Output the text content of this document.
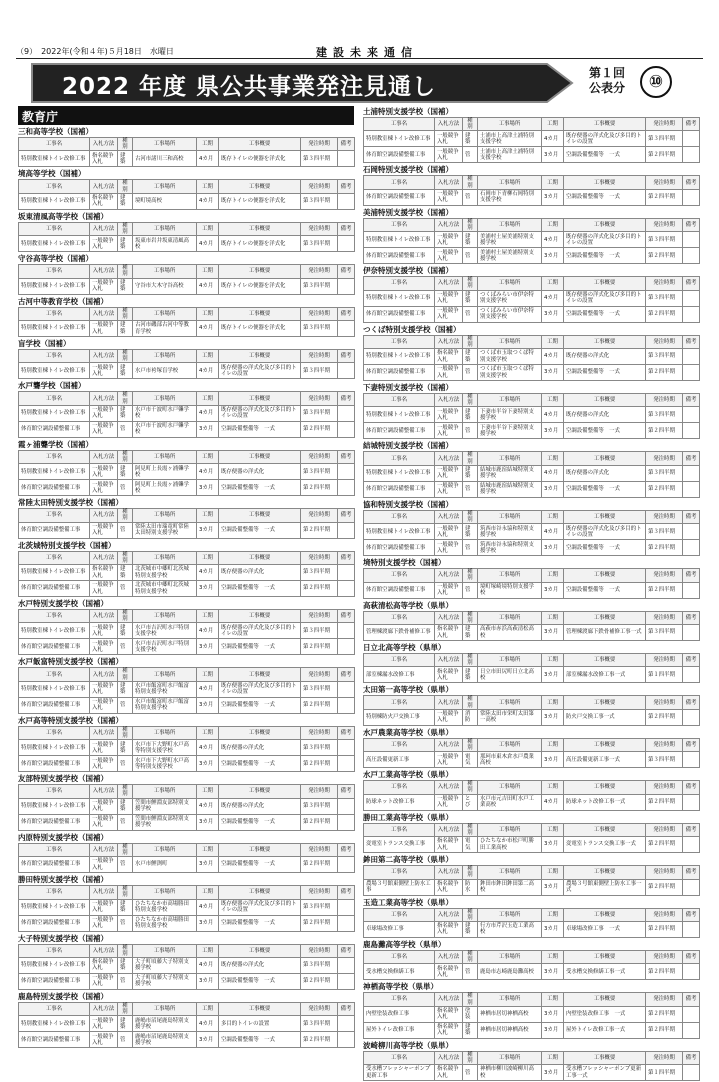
（9）　2022年(令和４年)５月18日　水曜日	建設未来通信
2022 年度 県公共事業発注見通し
第１回
公表分	⑩
教育庁
三和高等学校（国補）
工事名	入札方法	種別	工事場所	工期	工事概要	発注時期	備考
特別教室棟トイレ改修工事	指名競争入札	建築	古河市諸川三和高校	4カ月	既存トイレの便器を洋式化	第３四半期	
境高等学校（国補）
工事名	入札方法	種別	工事場所	工期	工事概要	発注時期	備考
特別教室棟トイレ改修工事	指名競争入札	建築	境町境高校	4カ月	既存トイレの便器を洋式化	第３四半期	
坂東清風高等学校（国補）
工事名	入札方法	種別	工事場所	工期	工事概要	発注時期	備考
特別教室棟トイレ改修工事	一般競争入札	建築	坂東市岩井坂東清風高校	4カ月	既存トイレの便器を洋式化	第３四半期	
守谷高等学校（国補）
工事名	入札方法	種別	工事場所	工期	工事概要	発注時期	備考
特別教室棟トイレ改修工事	一般競争入札	建築	守谷市大木守谷高校	4カ月	既存トイレの便器を洋式化	第３四半期	
古河中等教育学校（国補）
工事名	入札方法	種別	工事場所	工期	工事概要	発注時期	備考
特別教室棟トイレ改修工事	一般競争入札	建築	古河市磯部古河中等教育学校	4カ月	既存トイレの便器を洋式化	第３四半期	
盲学校（国補）
工事名	入札方法	種別	工事場所	工期	工事概要	発注時期	備考
特別教室棟トイレ改修工事	一般競争入札	建築	水戸市袴塚盲学校	4カ月	既存便器の洋式化及び多目的トイレの設置	第３四半期	
水戸聾学校（国補）
工事名	入札方法	種別	工事場所	工期	工事概要	発注時期	備考
特別教室棟トイレ改修工事	一般競争入札	建築	水戸市千波町水戸聾学校	4カ月	既存便器の洋式化及び多目的トイレの設置	第３四半期	
体育館空調設備整備工事	一般競争入札	管	水戸市千波町水戸聾学校	3カ月	空調設備整備等　一式	第２四半期	
霞ヶ浦聾学校（国補）
工事名	入札方法	種別	工事場所	工期	工事概要	発注時期	備考
特別教室棟トイレ改修工事	一般競争入札	建築	阿見町上長霞ヶ浦聾学校	4カ月	既存便器の洋式化	第３四半期	
体育館空調設備整備工事	一般競争入札	管	阿見町上長霞ヶ浦聾学校	3カ月	空調設備整備等　一式	第２四半期	
常陸太田特別支援学校（国補）
工事名	入札方法	種別	工事場所	工期	工事概要	発注時期	備考
体育館空調設備整備工事	一般競争入札	管	常陸太田市瑞竜町常陸太田特別支援学校	3カ月	空調設備整備等　一式	第２四半期	
北茨城特別支援学校（国補）
工事名	入札方法	種別	工事場所	工期	工事概要	発注時期	備考
特別教室棟トイレ改修工事	指名競争入札	建築	北茨城市中郷町北茨城特別支援学校	4カ月	既存便器の洋式化	第３四半期	
体育館空調設備整備工事	一般競争入札	管	北茨城市中郷町北茨城特別支援学校	3カ月	空調設備整備等　一式	第２四半期	
水戸特別支援学校（国補）
工事名	入札方法	種別	工事場所	工期	工事概要	発注時期	備考
特別教室棟トイレ改修工事	一般競争入札	建築	水戸市吉沢町水戸特別支援学校	4カ月	既存便器の洋式化及び多目的トイレの設置	第３四半期	
体育館空調設備整備工事	一般競争入札	管	水戸市吉沢町水戸特別支援学校	3カ月	空調設備整備等　一式	第２四半期	
水戸飯富特別支援学校（国補）
工事名	入札方法	種別	工事場所	工期	工事概要	発注時期	備考
特別教室棟トイレ改修工事	一般競争入札	建築	水戸市飯富町水戸飯富特別支援学校	4カ月	既存便器の洋式化及び多目的トイレの設置	第３四半期	
体育館空調設備整備工事	一般競争入札	管	水戸市飯富町水戸飯富特別支援学校	3カ月	空調設備整備等　一式	第２四半期	
水戸高等特別支援学校（国補）
工事名	入札方法	種別	工事場所	工期	工事概要	発注時期	備考
特別教室棟トイレ改修工事	一般競争入札	建築	水戸市下大野町水戸高等特別支援学校	4カ月	既存便器の洋式化	第３四半期	
体育館空調設備整備工事	一般競争入札	管	水戸市下大野町水戸高等特別支援学校	3カ月	空調設備整備等　一式	第２四半期	
友部特別支援学校（国補）
工事名	入札方法	種別	工事場所	工期	工事概要	発注時期	備考
特別教室棟トイレ改修工事	一般競争入札	建築	笠間市鯉淵友部特別支援学校	4カ月	既存便器の洋式化	第３四半期	
体育館空調設備整備工事	一般競争入札	管	笠間市鯉淵友部特別支援学校	3カ月	空調設備整備等　一式	第２四半期	
内原特別支援学校（国補）
工事名	入札方法	種別	工事場所	工期	工事概要	発注時期	備考
体育館空調設備整備工事	一般競争入札	管	水戸市鯉渕町	3カ月	空調設備整備等　一式	第２四半期	
勝田特別支援学校（国補）
工事名	入札方法	種別	工事場所	工期	工事概要	発注時期	備考
特別教室棟トイレ改修工事	一般競争入札	建築	ひたちなか市高場勝田特別支援学校	4カ月	既存便器の洋式化及び多目的トイレの設置	第３四半期	
体育館空調設備整備工事	一般競争入札	管	ひたちなか市高場勝田特別支援学校	3カ月	空調設備整備等　一式	第２四半期	
大子特別支援学校（国補）
工事名	入札方法	種別	工事場所	工期	工事概要	発注時期	備考
特別教室棟トイレ改修工事	指名競争入札	建築	大子町頃藤大子特別支援学校	4カ月	既存便器の洋式化	第３四半期	
体育館空調設備整備工事	一般競争入札	管	大子町頃藤大子特別支援学校	3カ月	空調設備整備等　一式	第２四半期	
鹿島特別支援学校（国補）
工事名	入札方法	種別	工事場所	工期	工事概要	発注時期	備考
特別教室棟トイレ改修工事	一般競争入札	建築	鹿嶋市沼尾鹿島特別支援学校	4カ月	多目的トイレの設置	第３四半期	
体育館空調設備整備工事	一般競争入札	管	鹿嶋市沼尾鹿島特別支援学校	3カ月	空調設備整備等　一式	第２四半期	
土浦特別支援学校（国補）
工事名	入札方法	種別	工事場所	工期	工事概要	発注時期	備考
特別教室棟トイレ改修工事	一般競争入札	建築	土浦市上高津土浦特別支援学校	4カ月	既存便器の洋式化及び多目的トイレの設置	第３四半期	
体育館空調設備整備工事	一般競争入札	管	土浦市上高津土浦特別支援学校	3カ月	空調設備整備等　一式	第２四半期	
石岡特別支援学校（国補）
工事名	入札方法	種別	工事場所	工期	工事概要	発注時期	備考
体育館空調設備整備工事	一般競争入札	管	石岡市下青柳石岡特別支援学校	3カ月	空調設備整備等　一式	第２四半期	
美浦特別支援学校（国補）
工事名	入札方法	種別	工事場所	工期	工事概要	発注時期	備考
特別教室棟トイレ改修工事	一般競争入札	建築	美浦村土屋美浦特別支援学校	4カ月	既存便器の洋式化及び多目的トイレの設置	第３四半期	
体育館空調設備整備工事	一般競争入札	管	美浦村土屋美浦特別支援学校	3カ月	空調設備整備等　一式	第２四半期	
伊奈特別支援学校（国補）
工事名	入札方法	種別	工事場所	工期	工事概要	発注時期	備考
特別教室棟トイレ改修工事	一般競争入札	建築	つくばみらい市伊奈特別支援学校	4カ月	既存便器の洋式化及び多目的トイレの設置	第３四半期	
体育館空調設備整備工事	一般競争入札	管	つくばみらい市伊奈特別支援学校	3カ月	空調設備整備等　一式	第２四半期	
つくば特別支援学校（国補）
工事名	入札方法	種別	工事場所	工期	工事概要	発注時期	備考
特別教室棟トイレ改修工事	指名競争入札	建築	つくば市玉取つくば特別支援学校	4カ月	既存便器の洋式化	第３四半期	
体育館空調設備整備工事	一般競争入札	管	つくば市玉取つくば特別支援学校	3カ月	空調設備整備等　一式	第２四半期	
下妻特別支援学校（国補）
工事名	入札方法	種別	工事場所	工期	工事概要	発注時期	備考
特別教室棟トイレ改修工事	一般競争入札	建築	下妻市半谷下妻特別支援学校	4カ月	既存便器の洋式化	第３四半期	
体育館空調設備整備工事	一般競争入札	管	下妻市半谷下妻特別支援学校	3カ月	空調設備整備等　一式	第２四半期	
結城特別支援学校（国補）
工事名	入札方法	種別	工事場所	工期	工事概要	発注時期	備考
特別教室棟トイレ改修工事	一般競争入札	建築	結城市鹿窪結城特別支援学校	4カ月	既存便器の洋式化	第３四半期	
体育館空調設備整備工事	一般競争入札	管	結城市鹿窪結城特別支援学校	3カ月	空調設備整備等　一式	第２四半期	
協和特別支援学校（国補）
工事名	入札方法	種別	工事場所	工期	工事概要	発注時期	備考
特別教室棟トイレ改修工事	一般競争入札	建築	筑西市谷永協和特別支援学校	4カ月	既存便器の洋式化及び多目的トイレの設置	第３四半期	
体育館空調設備整備工事	一般競争入札	管	筑西市谷永協和特別支援学校	3カ月	空調設備整備等　一式	第２四半期	
境特別支援学校（国補）
工事名	入札方法	種別	工事場所	工期	工事概要	発注時期	備考
体育館空調設備整備工事	一般競争入札	管	境町塚崎境特別支援学校	3カ月	空調設備整備等　一式	第２四半期	
高萩清松高等学校（県単）
工事名	入札方法	種別	工事場所	工期	工事概要	発注時期	備考
管理棟渡廊下鉄骨補修工事	指名競争入札	建築	高萩市赤浜高萩清松高校	3カ月	管理棟渡廊下鉄骨補修工事一式	第３四半期	
日立北高等学校（県単）
工事名	入札方法	種別	工事場所	工期	工事概要	発注時期	備考
部室棟漏水改修工事	指名競争入札	建築	日立市田尻町日立北高校	3カ月	部室棟漏水改修工事一式	第１四半期	
太田第一高等学校（県単）
工事名	入札方法	種別	工事場所	工期	工事概要	発注時期	備考
特別棟防火戸交換工事	一般競争入札	消防	常陸太田市栄町太田第一高校	3カ月	防火戸交換工事一式	第２四半期	
水戸農業高等学校（県単）
工事名	入札方法	種別	工事場所	工期	工事概要	発注時期	備考
高圧設備更新工事	一般競争入札	電気	那珂市東木倉水戸農業高校	3カ月	高圧設備更新工事一式	第３四半期	
水戸工業高等学校（県単）
工事名	入札方法	種別	工事場所	工期	工事概要	発注時期	備考
防球ネット改修工事	一般競争入札	とび	水戸市元吉田町水戸工業高校	4カ月	防球ネット改修工事一式	第２四半期	
勝田工業高等学校（県単）
工事名	入札方法	種別	工事場所	工期	工事概要	発注時期	備考
変電室トランス交換工事	指名競争入札	電気	ひたちなか市松戸町勝田工業高校	3カ月	変電室トランス交換工事一式	第２四半期	
鉾田第二高等学校（県単）
工事名	入札方法	種別	工事場所	工期	工事概要	発注時期	備考
農場３号館東側壁上防水工事	指名競争入札	防水	鉾田市鉾田鉾田第二高校	3カ月	農場３号館東側壁上防水工事一式	第２四半期	
玉造工業高等学校（県単）
工事名	入札方法	種別	工事場所	工期	工事概要	発注時期	備考
卓球場改修工事	指名競争入札	建築	行方市芹沢玉造工業高校	3カ月	卓球場改修工事　一式	第２四半期	
鹿島灘高等学校（県単）
工事名	入札方法	種別	工事場所	工期	工事概要	発注時期	備考
受水槽交換修繕工事	指名競争入札	管	鹿島市志崎鹿島灘高校	3カ月	受水槽交換修繕工事一式	第２四半期	
神栖高等学校（県単）
工事名	入札方法	種別	工事場所	工期	工事概要	発注時期	備考
内壁塗装改修工事	指名競争入札	塗装	神栖市居切神栖高校	3カ月	内壁塗装改修工事　一式	第２四半期	
屋外トイレ改修工事	指名競争入札	建築	神栖市居切神栖高校	3カ月	屋外トイレ改修工事一式	第２四半期	
波崎柳川高等学校（県単）
工事名	入札方法	種別	工事場所	工期	工事概要	発注時期	備考
受水槽フレッシャーポンプ更新工事	指名競争入札	管	神栖市柳川波崎柳川高校	3カ月	受水槽フレッシャーポンプ更新工事一式	第１四半期	
